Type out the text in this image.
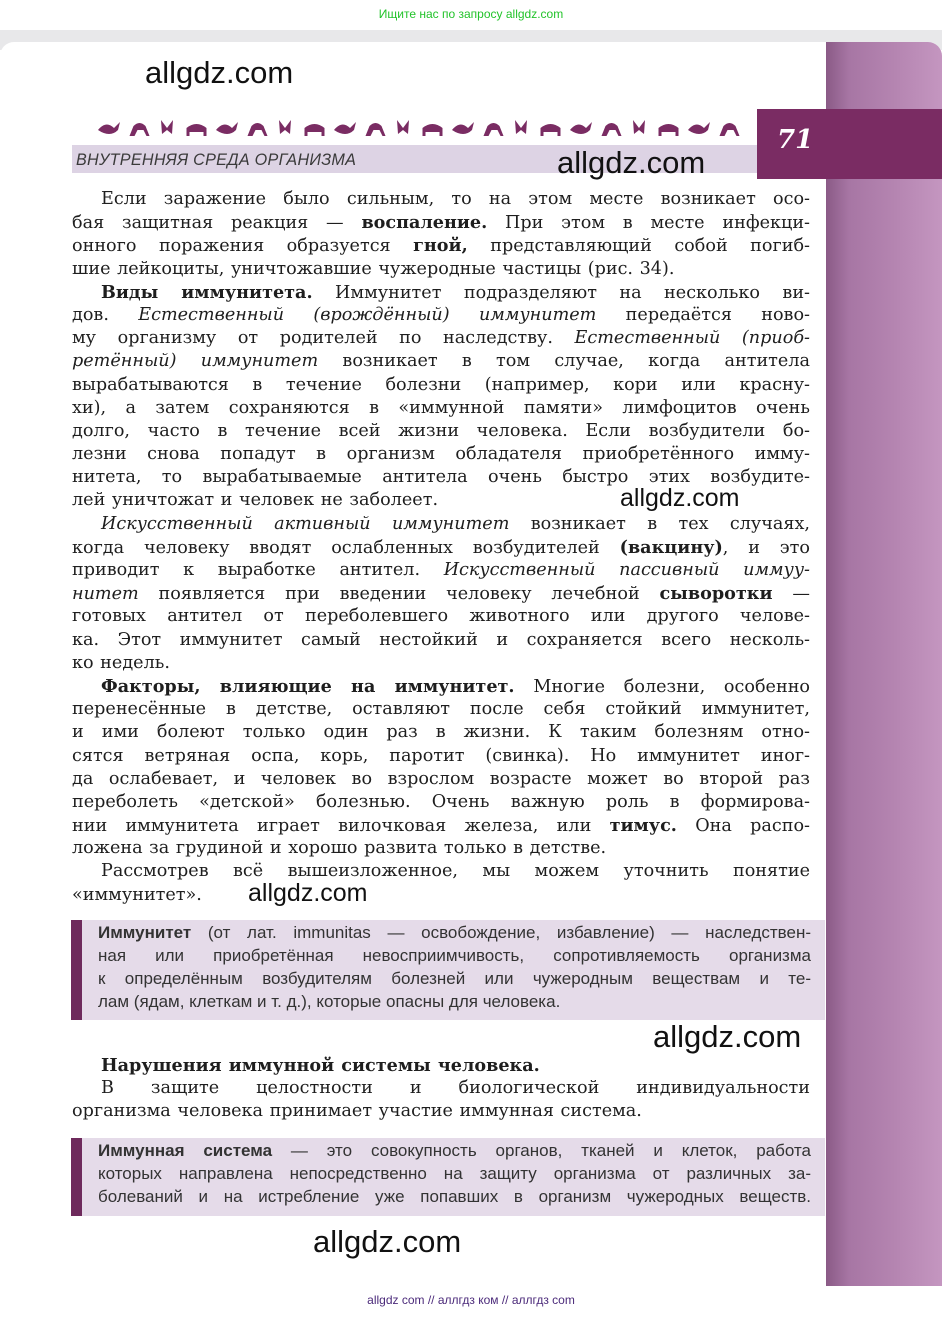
Ищите нас по запросу allgdz.com
ВНУТРЕННЯЯ СРЕДА ОРГАНИЗМА
71
allgdz.com
allgdz.com
Если заражение было сильным, то на этом месте возникает осо-
бая защитная реакция — воспаление. При этом в месте инфекци-
онного поражения образуется гной, представляющий собой погиб-
шие лейкоциты, уничтожавшие чужеродные частицы (рис. 34).
Виды иммунитета. Иммунитет подразделяют на несколько ви-
дов. Естественный (врождённый) иммунитет передаётся ново-
му организму от родителей по наследству. Естественный (приоб-
ретённый) иммунитет возникает в том случае, когда антитела
вырабатываются в течение болезни (например, кори или красну-
хи), а затем сохраняются в «иммунной памяти» лимфоцитов очень
долго, часто в течение всей жизни человека. Если возбудители бо-
лезни снова попадут в организм обладателя приобретённого имму-
нитета, то вырабатываемые антитела очень быстро этих возбудите-
лей уничтожат и человек не заболеет.
Искусственный активный иммунитет возникает в тех случаях,
когда человеку вводят ослабленных возбудителей (вакцину), и это
приводит к выработке антител. Искусственный пассивный иммуу-
нитет появляется при введении человеку лечебной сыворотки —
готовых антител от переболевшего животного или другого челове-
ка. Этот иммунитет самый нестойкий и сохраняется всего несколь-
ко недель.
Факторы, влияющие на иммунитет. Многие болезни, особенно
перенесённые в детстве, оставляют после себя стойкий иммунитет,
и ими болеют только один раз в жизни. К таким болезням отно-
сятся ветряная оспа, корь, паротит (свинка). Но иммунитет иног-
да ослабевает, и человек во взрослом возрасте может во второй раз
переболеть «детской» болезнью. Очень важную роль в формирова-
нии иммунитета играет вилочковая железа, или тимус. Она распо-
ложена за грудиной и хорошо развита только в детстве.
Рассмотрев всё вышеизложенное, мы можем уточнить понятие
«иммунитет».
allgdz.com
allgdz.com
Иммунитет (от лат. immunitas — освобождение, избавление) — наследствен-
ная или приобретённая невосприимчивость, сопротивляемость организма
к определённым возбудителям болезней или чужеродным веществам и те-
лам (ядам, клеткам и т. д.), которые опасны для человека.
allgdz.com
Нарушения иммунной системы человека.
В защите целостности и биологической индивидуальности
организма человека принимает участие иммунная система.
Иммунная система — это совокупность органов, тканей и клеток, работа
которых направлена непосредственно на защиту организма от различных за-
болеваний и на истребление уже попавших в организм чужеродных веществ.
allgdz.com
allgdz com // аллгдз ком // аллгдз com
